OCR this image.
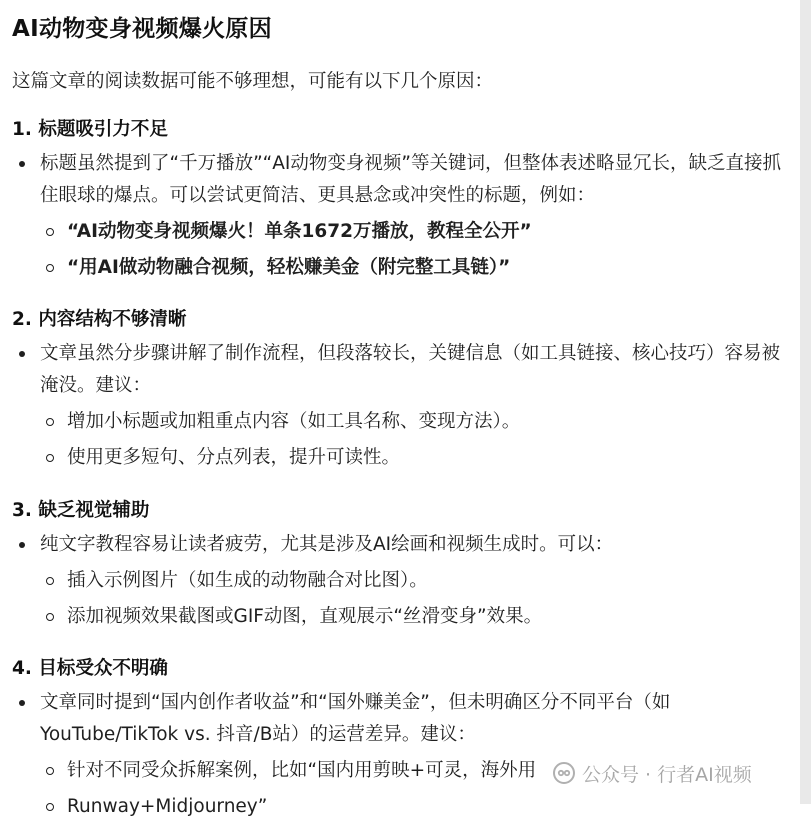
AI动物变身视频爆火原因

这篇文章的阅读数据可能不够理想，可能有以下几个原因：

1. 标题吸引力不足
标题虽然提到了“千万播放”“AI动物变身视频”等关键词，但整体表述略显冗长，缺乏直接抓住眼球的爆点。可以尝试更简洁、更具悬念或冲突性的标题，例如：
“AI动物变身视频爆火！单条1672万播放，教程全公开”
“用AI做动物融合视频，轻松赚美金（附完整工具链）”
2. 内容结构不够清晰
文章虽然分步骤讲解了制作流程，但段落较长，关键信息（如工具链接、核心技巧）容易被淹没。建议：
增加小标题或加粗重点内容（如工具名称、变现方法）。
使用更多短句、分点列表，提升可读性。
3. 缺乏视觉辅助
纯文字教程容易让读者疲劳，尤其是涉及AI绘画和视频生成时。可以：
插入示例图片（如生成的动物融合对比图）。
添加视频效果截图或GIF动图，直观展示“丝滑变身”效果。
4. 目标受众不明确
文章同时提到“国内创作者收益”和“国外赚美金”，但未明确区分不同平台（如YouTube/TikTok vs. 抖音/B站）的运营差异。建议：
针对不同受众拆解案例，比如“国内用剪映+可灵，海外用
Runway+Midjourney”
公众号 · 行者AI视频
